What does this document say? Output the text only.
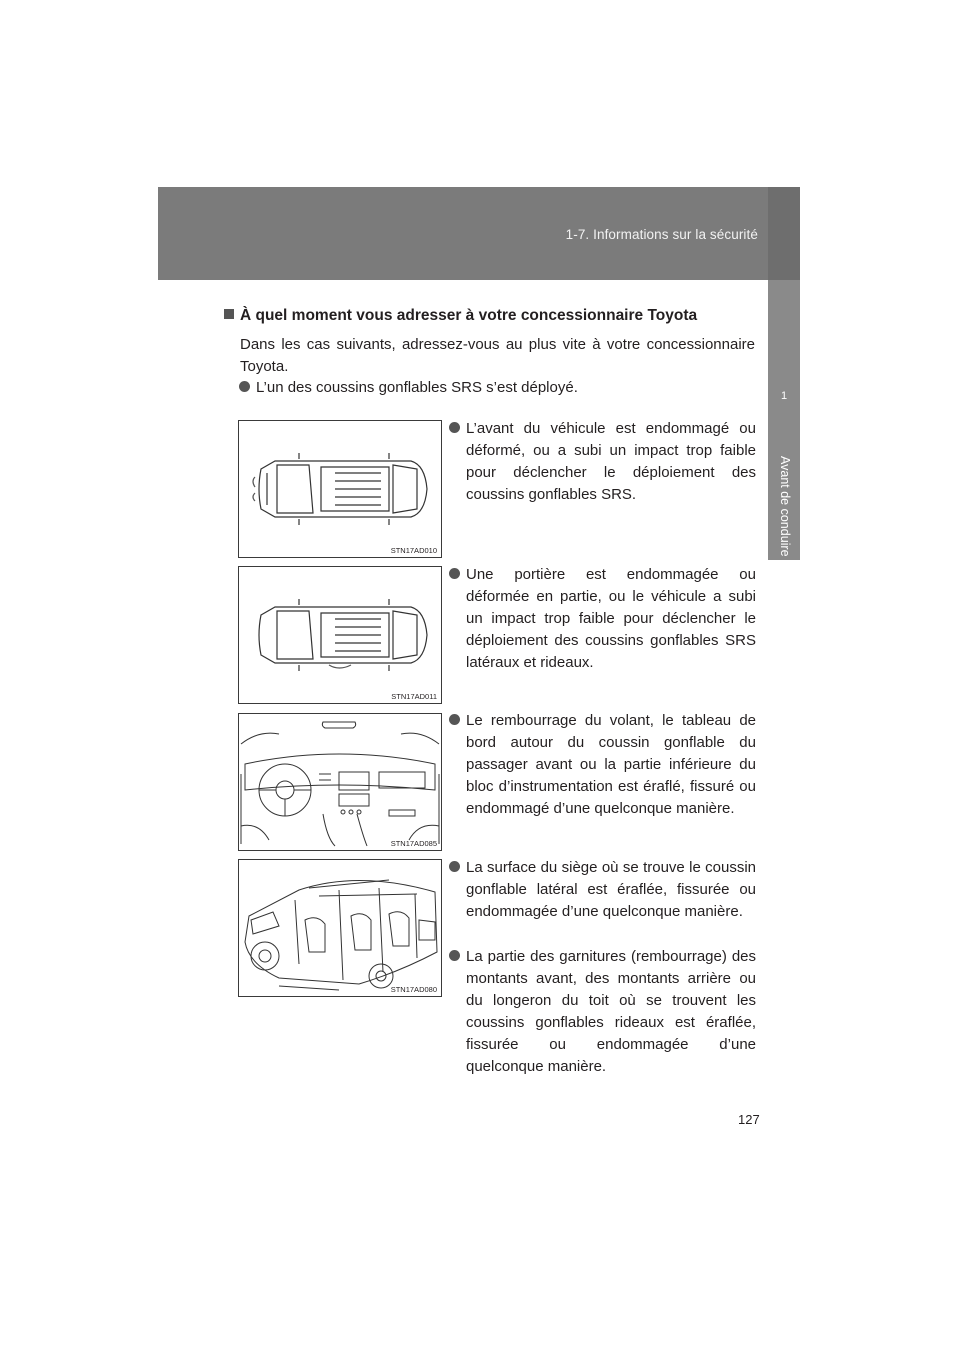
1-7. Informations sur la sécurité
1
Avant de conduire
À quel moment vous adresser à votre concessionnaire Toyota
Dans les cas suivants, adressez-vous au plus vite à votre concessionnaire Toyota.
L’un des coussins gonflables SRS s’est déployé.
L’avant du véhicule est endommagé ou déformé, ou a subi un impact trop faible pour déclencher le déploiement des coussins gonflables SRS.
Une portière est endommagée ou déformée en partie, ou le véhicule a subi un impact trop faible pour déclencher le déploiement des coussins gonflables SRS latéraux et rideaux.
Le rembourrage du volant, le tableau de bord autour du coussin gonflable du passager avant ou la partie inférieure du bloc d’instrumentation est éraflé, fissuré ou endommagé d’une quelconque manière.
La surface du siège où se trouve le coussin gonflable latéral est éraflée, fissurée ou endommagée d’une quelconque manière.
La partie des garnitures (rembourrage) des montants avant, des montants arrière ou du longeron du toit où se trouvent les coussins gonflables rideaux est éraflée, fissurée ou endommagée d’une quelconque manière.
STN17AD010
STN17AD011
STN17AD085
STN17AD080
127
